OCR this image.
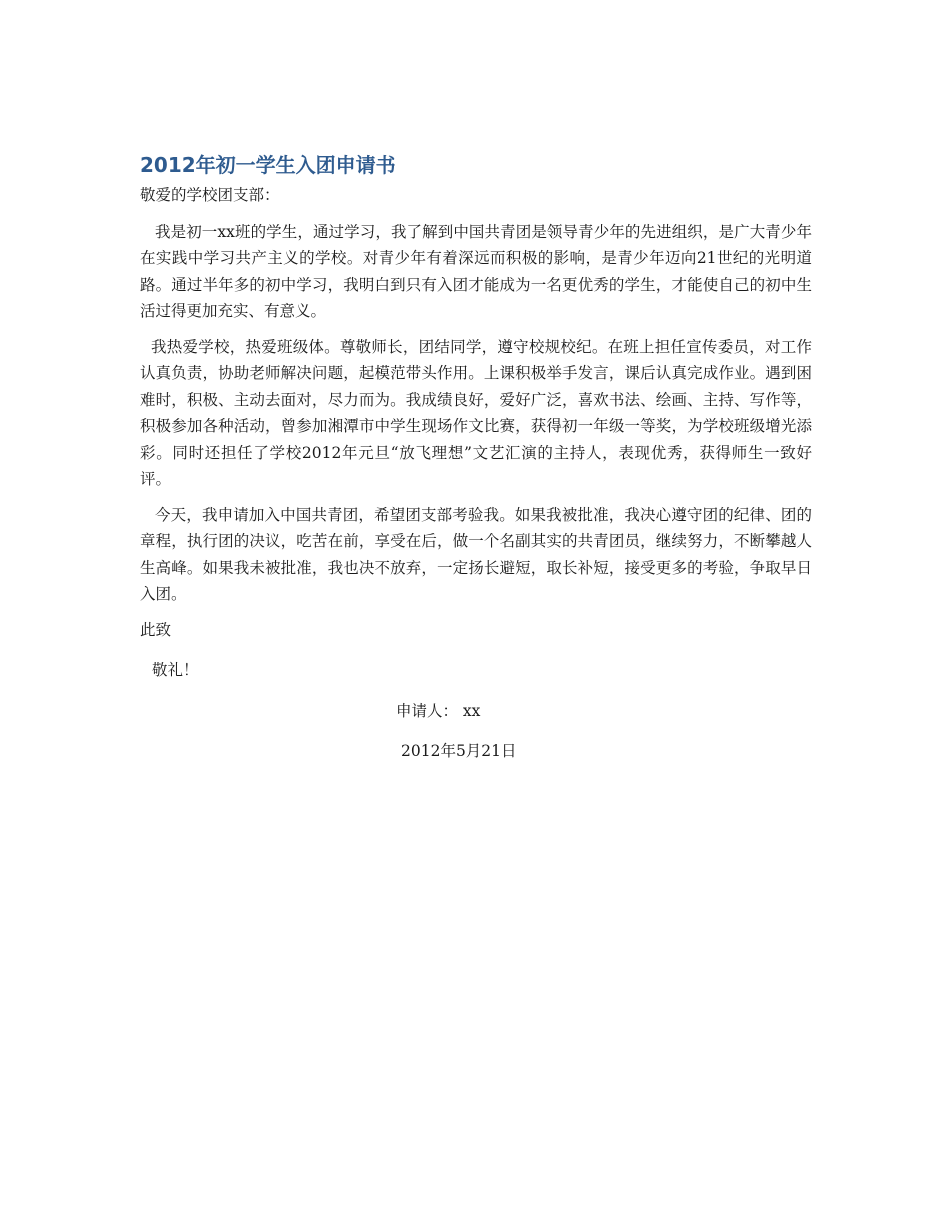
2012年初一学生入团申请书

敬爱的学校团支部：

我是初一xx班的学生，通过学习，我了解到中国共青团是领导青少年的先进组织，是广大青少年在实践中学习共产主义的学校。对青少年有着深远而积极的影响，是青少年迈向21世纪的光明道路。通过半年多的初中学习，我明白到只有入团才能成为一名更优秀的学生，才能使自己的初中生活过得更加充实、有意义。

我热爱学校，热爱班级体。尊敬师长，团结同学，遵守校规校纪。在班上担任宣传委员，对工作认真负责，协助老师解决问题，起模范带头作用。上课积极举手发言，课后认真完成作业。遇到困难时，积极、主动去面对，尽力而为。我成绩良好，爱好广泛，喜欢书法、绘画、主持、写作等，积极参加各种活动，曾参加湘潭市中学生现场作文比赛，获得初一年级一等奖，为学校班级增光添彩。同时还担任了学校2012年元旦“放飞理想”文艺汇演的主持人，表现优秀，获得师生一致好评。

今天，我申请加入中国共青团，希望团支部考验我。如果我被批准，我决心遵守团的纪律、团的章程，执行团的决议，吃苦在前，享受在后，做一个名副其实的共青团员，继续努力，不断攀越人生高峰。如果我未被批准，我也决不放弃，一定扬长避短，取长补短，接受更多的考验，争取早日入团。

此致

敬礼！

申请人： xx

2012年5月21日
